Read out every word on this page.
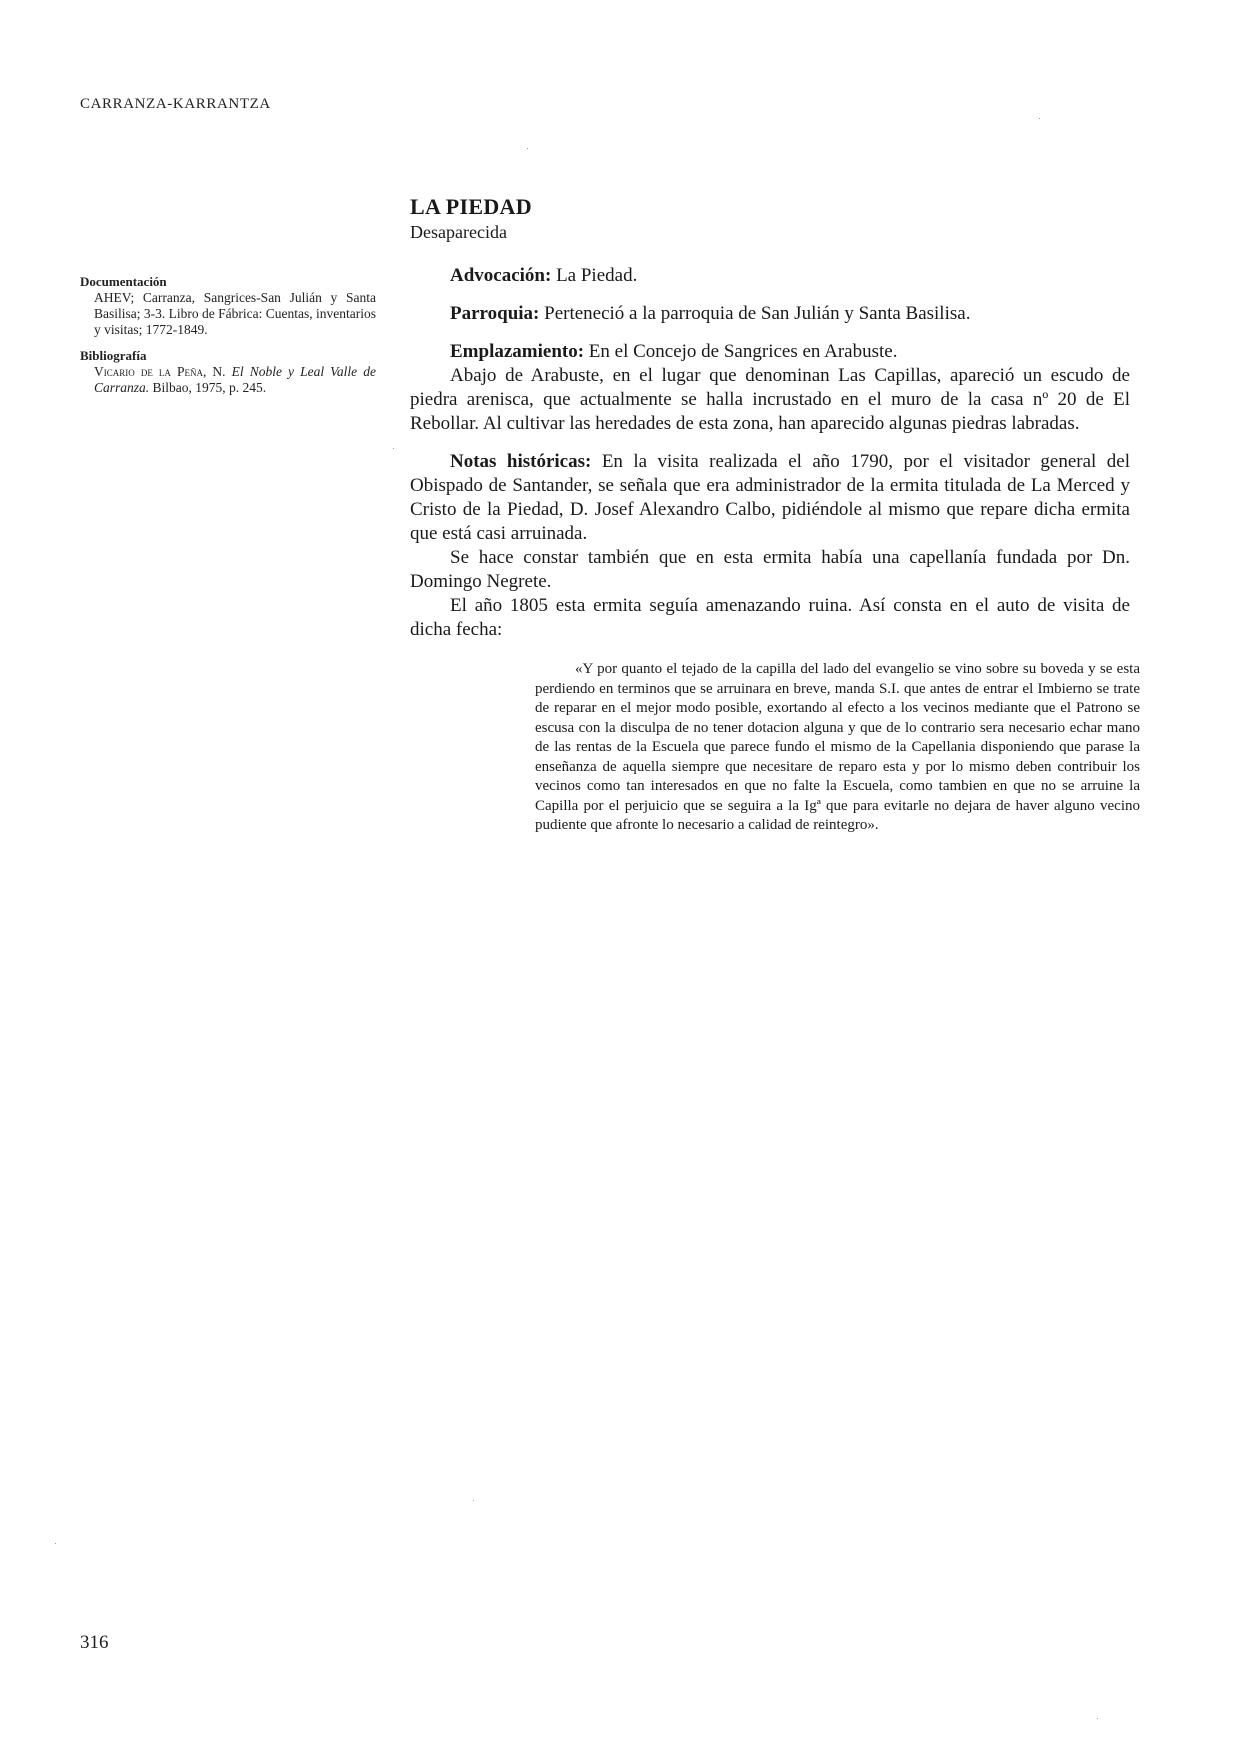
CARRANZA-KARRANTZA

Documentación

AHEV; Carranza, Sangrices-San Julián y Santa Basilisa; 3-3. Libro de Fábrica: Cuentas, inventarios y visitas; 1772-1849.

Bibliografía

Vicario de la Peña, N. El Noble y Leal Valle de Carranza. Bilbao, 1975, p. 245.

LA PIEDAD

Desaparecida

Advocación: La Piedad.

Parroquia: Perteneció a la parroquia de San Julián y Santa Basilisa.

Emplazamiento: En el Concejo de Sangrices en Arabuste.

Abajo de Arabuste, en el lugar que denominan Las Capillas, apareció un escudo de piedra arenisca, que actualmente se halla incrustado en el muro de la casa nº 20 de El Rebollar. Al cultivar las heredades de esta zona, han aparecido algunas piedras labradas.

Notas históricas: En la visita realizada el año 1790, por el visitador general del Obispado de Santander, se señala que era administrador de la ermita titulada de La Merced y Cristo de la Piedad, D. Josef Alexandro Calbo, pidiéndole al mismo que repare dicha ermita que está casi arruinada.

Se hace constar también que en esta ermita había una capellanía fundada por Dn. Domingo Negrete.

El año 1805 esta ermita seguía amenazando ruina. Así consta en el auto de visita de dicha fecha:

«Y por quanto el tejado de la capilla del lado del evangelio se vino sobre su boveda y se esta perdiendo en terminos que se arruinara en breve, manda S.I. que antes de entrar el Imbierno se trate de reparar en el mejor modo posible, exortando al efecto a los vecinos mediante que el Patrono se escusa con la disculpa de no tener dotacion alguna y que de lo contrario sera necesario echar mano de las rentas de la Escuela que parece fundo el mismo de la Capellania disponiendo que parase la enseñanza de aquella siempre que necesitare de reparo esta y por lo mismo deben contribuir los vecinos como tan interesados en que no falte la Escuela, como tambien en que no se arruine la Capilla por el perjuicio que se seguira a la Igª que para evitarle no dejara de haver alguno vecino pudiente que afronte lo necesario a calidad de reintegro».
316
